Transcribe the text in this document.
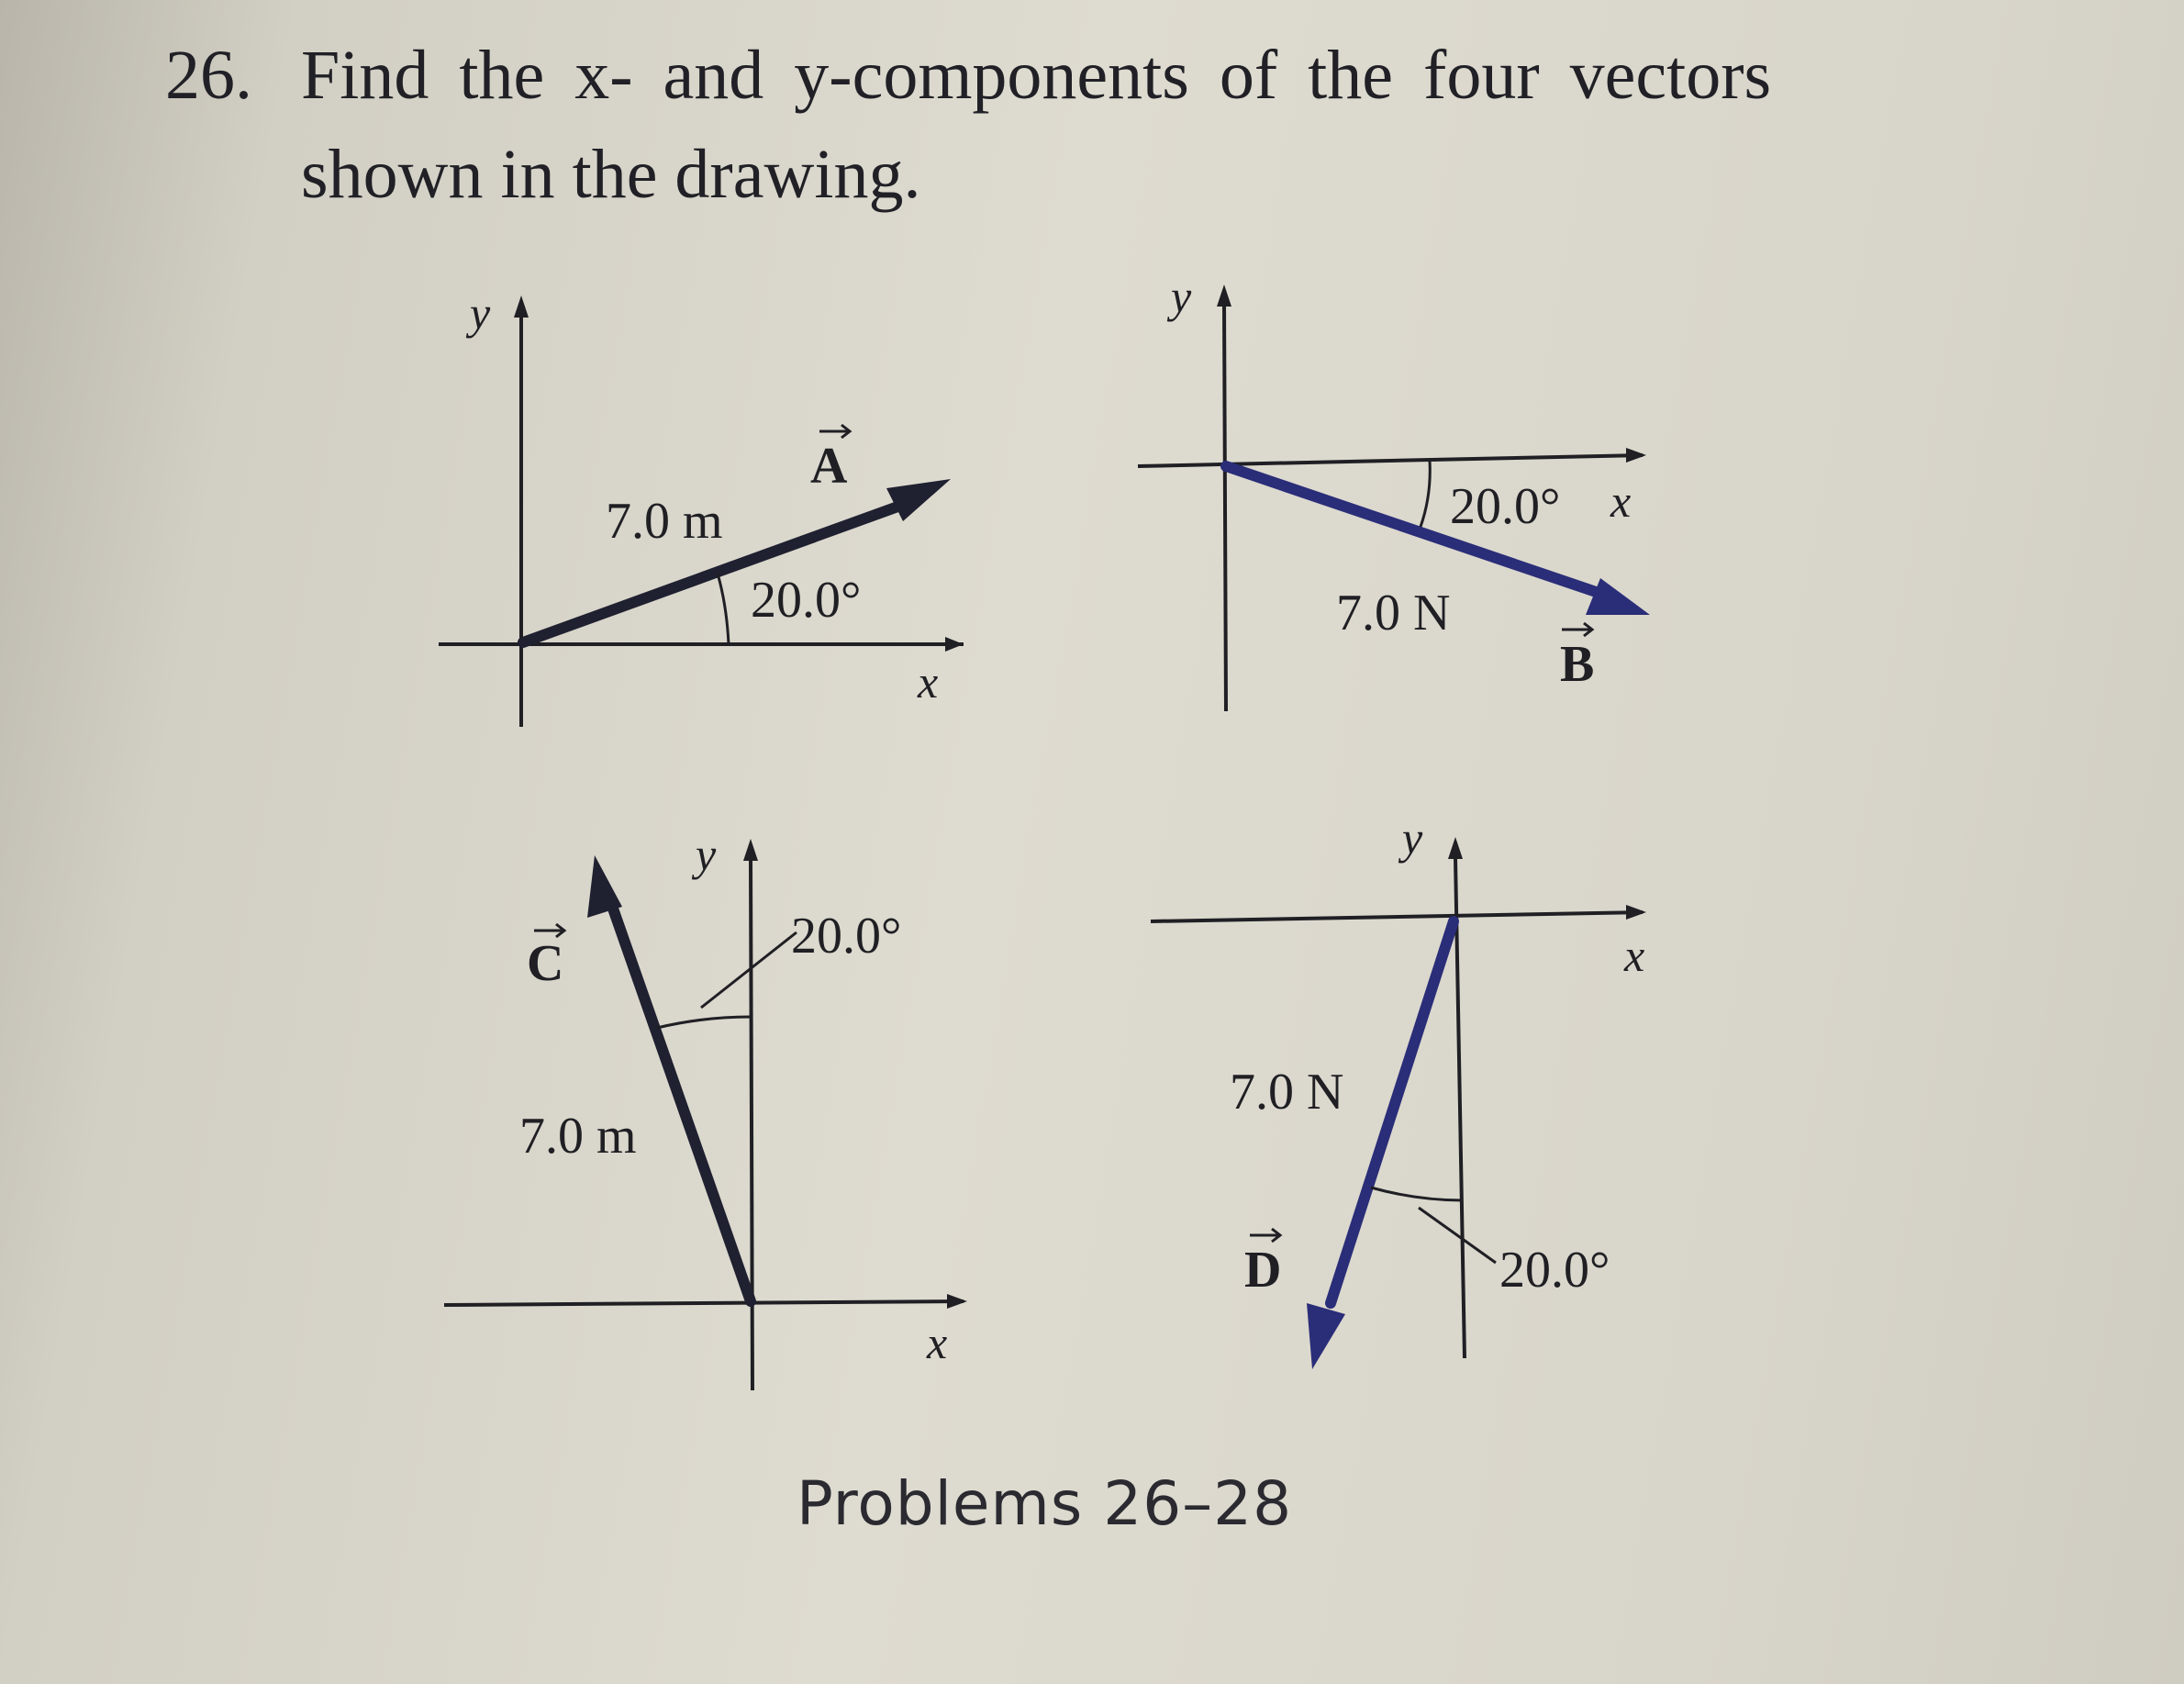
26. Find the x- and y-components of the four vectors
shown in the drawing.
y
x
20.0°
7.0 m
A
y
x
20.0°
7.0 N
B
y
x
20.0°
7.0 m
C
y
x
20.0°
7.0 N
D
Problems 26–28
